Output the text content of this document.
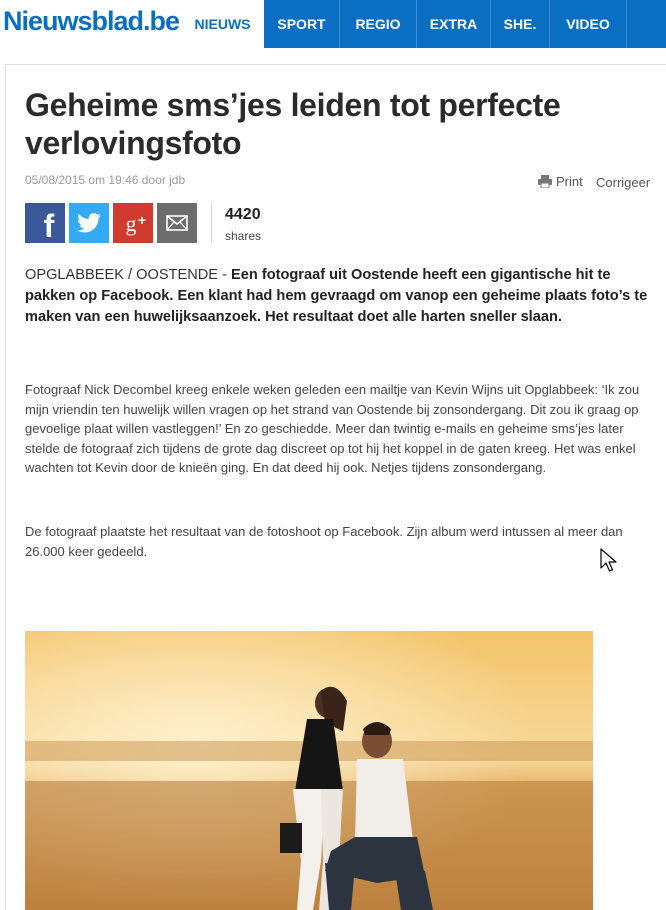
Nieuwsblad.be	NIEUWS	SPORT	REGIO	EXTRA	SHE.	VIDEO
Geheime sms’jes leiden tot perfecte verlovingsfoto
05/08/2015 om 19:46 door jdb	Print Corrigeer
f	g +	4420
shares

OPGLABBEEK / OOSTENDE - Een fotograaf uit Oostende heeft een gigantische hit te pakken op Facebook. Een klant had hem gevraagd om vanop een geheime plaats foto’s te maken van een huwelijksaanzoek. Het resultaat doet alle harten sneller slaan.

Fotograaf Nick Decombel kreeg enkele weken geleden een mailtje van Kevin Wijns uit Opglabbeek: ‘Ik zou mijn vriendin ten huwelijk willen vragen op het strand van Oostende bij zonsondergang. Dit zou ik graag op gevoelige plaat willen vastleggen!’ En zo geschiedde. Meer dan twintig e-mails en geheime sms’jes later stelde de fotograaf zich tijdens de grote dag discreet op tot hij het koppel in de gaten kreeg. Het was enkel wachten tot Kevin door de knieën ging. En dat deed hij ook. Netjes tijdens zonsondergang.

De fotograaf plaatste het resultaat van de fotoshoot op Facebook. Zijn album werd intussen al meer dan 26.000 keer gedeeld.
